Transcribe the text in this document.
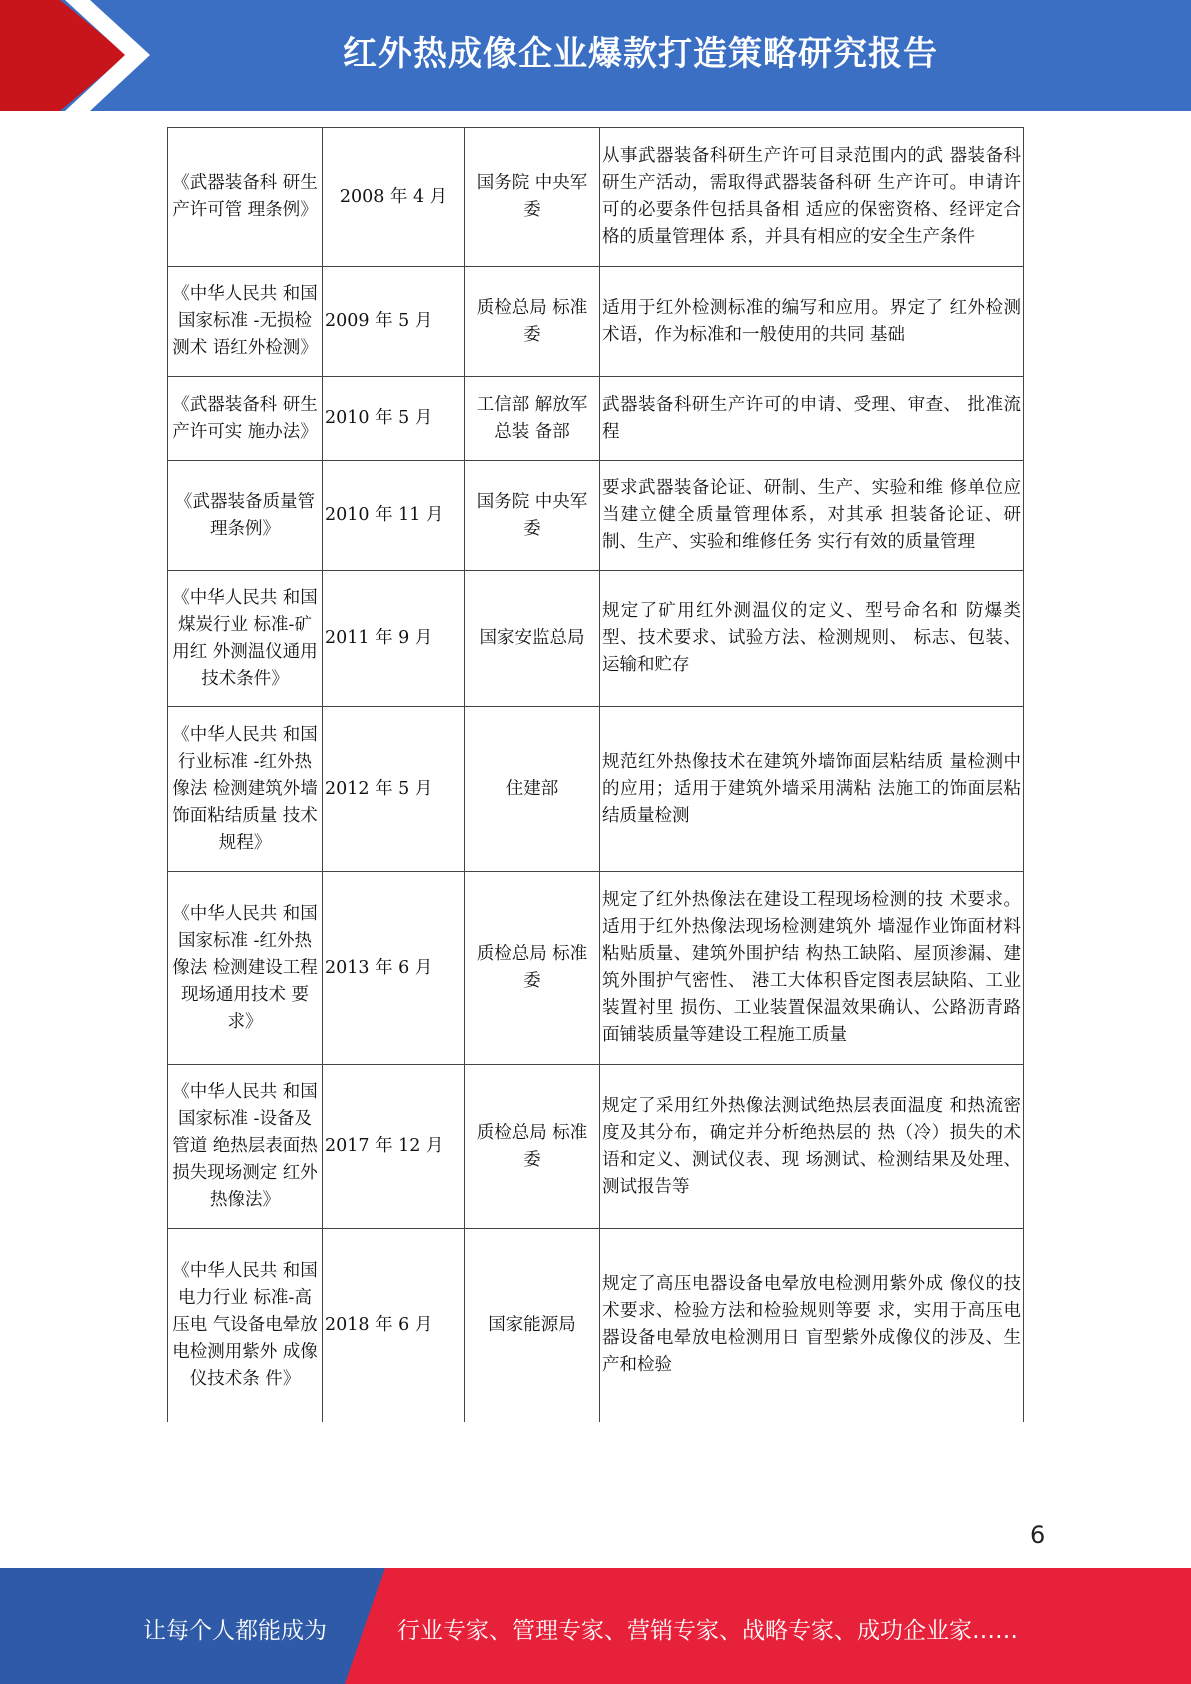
红外热成像企业爆款打造策略研究报告
《武器装备科 研生产许可管 理条例》	2008 年 4 月	国务院 中央军委	从事武器装备科研生产许可目录范围内的武 器装备科研生产活动，需取得武器装备科研 生产许可。申请许可的必要条件包括具备相 适应的保密资格、经评定合格的质量管理体 系，并具有相应的安全生产条件
《中华人民共 和国国家标准 -无损检测术 语红外检测》	2009 年 5 月	质检总局 标准委	适用于红外检测标准的编写和应用。界定了 红外检测术语，作为标准和一般使用的共同 基础
《武器装备科 研生产许可实 施办法》	2010 年 5 月	工信部 解放军总装 备部	武器装备科研生产许可的申请、受理、审查、 批准流程
《武器装备质量管理条例》	2010 年 11 月	国务院 中央军委	要求武器装备论证、研制、生产、实验和维 修单位应当建立健全质量管理体系，对其承 担装备论证、研制、生产、实验和维修任务 实行有效的质量管理
《中华人民共 和国煤炭行业 标准-矿用红 外测温仪通用 技术条件》	2011 年 9 月	国家安监总局	规定了矿用红外测温仪的定义、型号命名和 防爆类型、技术要求、试验方法、检测规则、 标志、包装、运输和贮存
《中华人民共 和国行业标准 -红外热像法 检测建筑外墙 饰面粘结质量 技术规程》	2012 年 5 月	住建部	规范红外热像技术在建筑外墙饰面层粘结质 量检测中的应用；适用于建筑外墙采用满粘 法施工的饰面层粘结质量检测
《中华人民共 和国国家标准 -红外热像法 检测建设工程 现场通用技术 要求》	2013 年 6 月	质检总局 标准委	规定了红外热像法在建设工程现场检测的技 术要求。适用于红外热像法现场检测建筑外 墙湿作业饰面材料粘贴质量、建筑外围护结 构热工缺陷、屋顶渗漏、建筑外围护气密性、 港工大体积昏定图表层缺陷、工业装置衬里 损伤、工业装置保温效果确认、公路沥青路 面铺装质量等建设工程施工质量
《中华人民共 和国国家标准 -设备及管道 绝热层表面热 损失现场测定 红外热像法》	2017 年 12 月	质检总局 标准委	规定了采用红外热像法测试绝热层表面温度 和热流密度及其分布，确定并分析绝热层的 热（冷）损失的术语和定义、测试仪表、现 场测试、检测结果及处理、测试报告等
《中华人民共 和国电力行业 标准-高压电 气设备电晕放 电检测用紫外 成像仪技术条 件》	2018 年 6 月	国家能源局	规定了高压电器设备电晕放电检测用紫外成 像仪的技术要求、检验方法和检验规则等要 求，实用于高压电器设备电晕放电检测用日 盲型紫外成像仪的涉及、生产和检验
6
让每个人都能成为	行业专家、管理专家、营销专家、战略专家、成功企业家……
